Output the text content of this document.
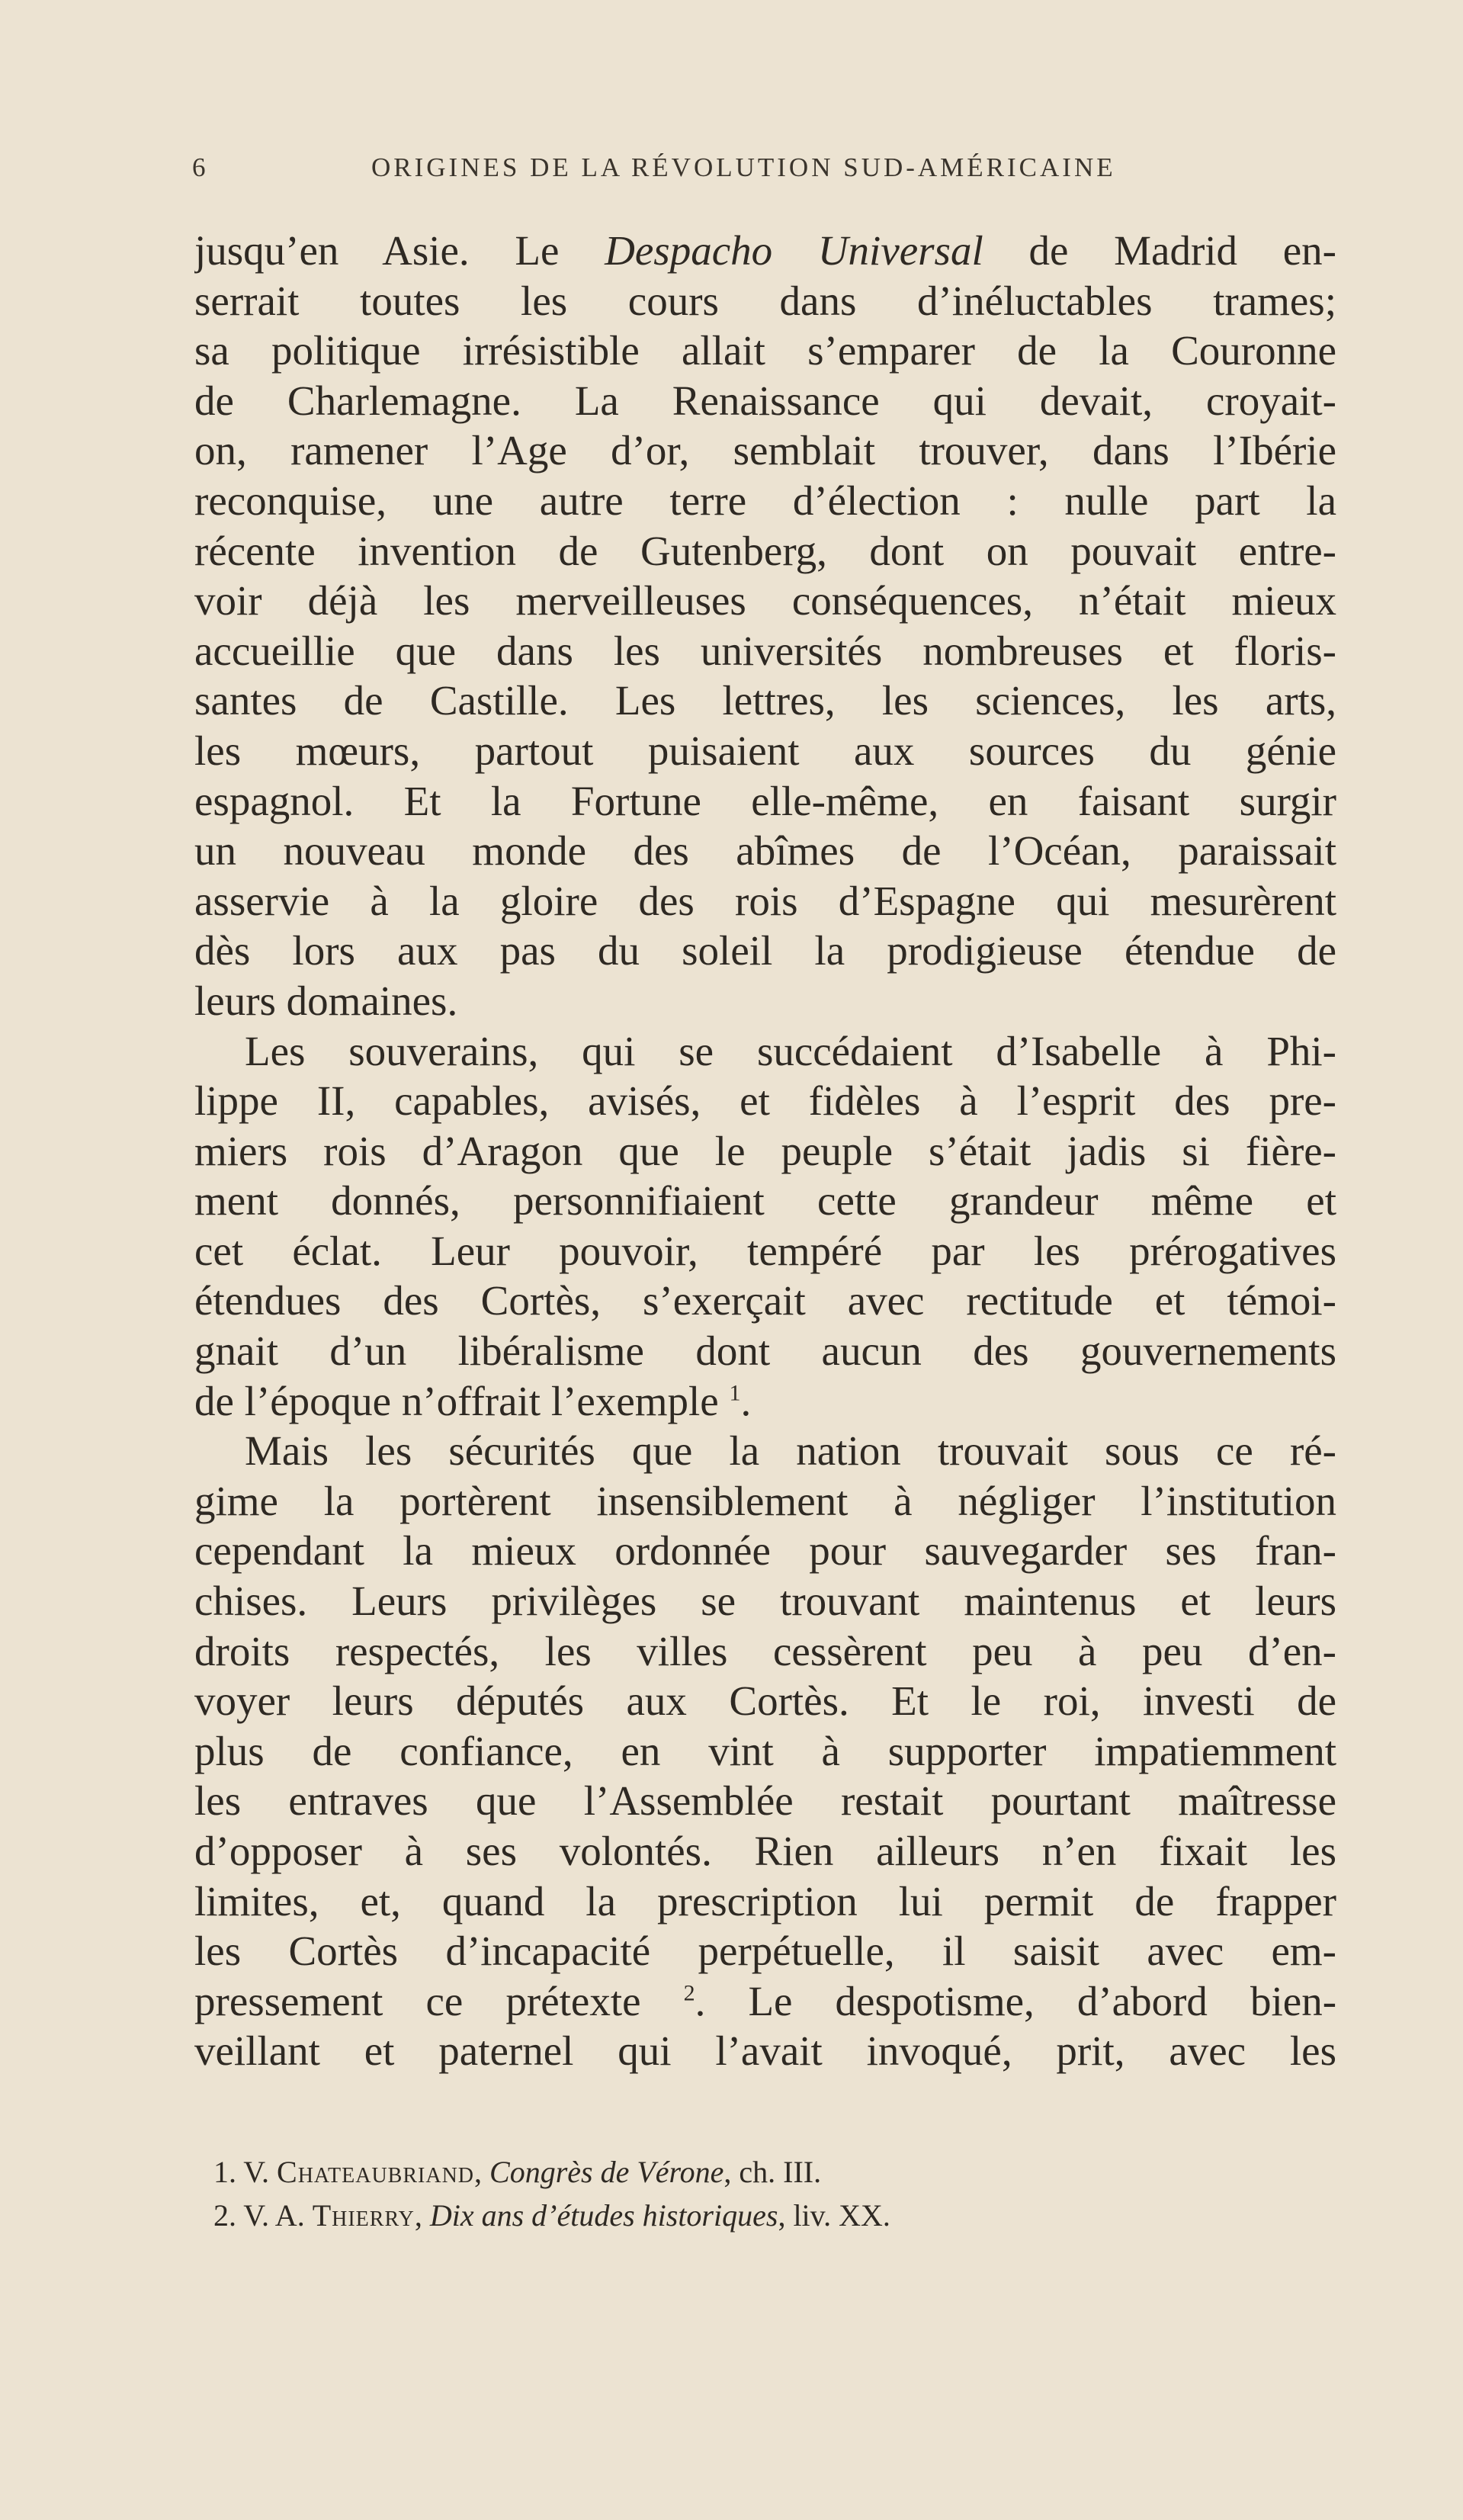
6	ORIGINES DE LA RÉVOLUTION SUD-AMÉRICAINE
jusqu’en Asie. Le Despacho Universal de Madrid en-
serrait toutes les cours dans d’inéluctables trames;
sa politique irrésistible allait s’emparer de la Couronne
de Charlemagne. La Renaissance qui devait, croyait-
on, ramener l’Age d’or, semblait trouver, dans l’Ibérie
reconquise, une autre terre d’élection : nulle part la
récente invention de Gutenberg, dont on pouvait entre-
voir déjà les merveilleuses conséquences, n’était mieux
accueillie que dans les universités nombreuses et floris-
santes de Castille. Les lettres, les sciences, les arts,
les mœurs, partout puisaient aux sources du génie
espagnol. Et la Fortune elle-même, en faisant surgir
un nouveau monde des abîmes de l’Océan, paraissait
asservie à la gloire des rois d’Espagne qui mesurèrent
dès lors aux pas du soleil la prodigieuse étendue de
leurs domaines.
Les souverains, qui se succédaient d’Isabelle à Phi-
lippe II, capables, avisés, et fidèles à l’esprit des pre-
miers rois d’Aragon que le peuple s’était jadis si fière-
ment donnés, personnifiaient cette grandeur même et
cet éclat. Leur pouvoir, tempéré par les prérogatives
étendues des Cortès, s’exerçait avec rectitude et témoi-
gnait d’un libéralisme dont aucun des gouvernements
de l’époque n’offrait l’exemple $^1$.
Mais les sécurités que la nation trouvait sous ce ré-
gime la portèrent insensiblement à négliger l’institution
cependant la mieux ordonnée pour sauvegarder ses fran-
chises. Leurs privilèges se trouvant maintenus et leurs
droits respectés, les villes cessèrent peu à peu d’en-
voyer leurs députés aux Cortès. Et le roi, investi de
plus de confiance, en vint à supporter impatiemment
les entraves que l’Assemblée restait pourtant maîtresse
d’opposer à ses volontés. Rien ailleurs n’en fixait les
limites, et, quand la prescription lui permit de frapper
les Cortès d’incapacité perpétuelle, il saisit avec em-
pressement ce prétexte $^2$. Le despotisme, d’abord bien-
veillant et paternel qui l’avait invoqué, prit, avec les
1. V. Chateaubriand, Congrès de Vérone, ch. III.
2. V. A. Thierry, Dix ans d’études historiques, liv. XX.
